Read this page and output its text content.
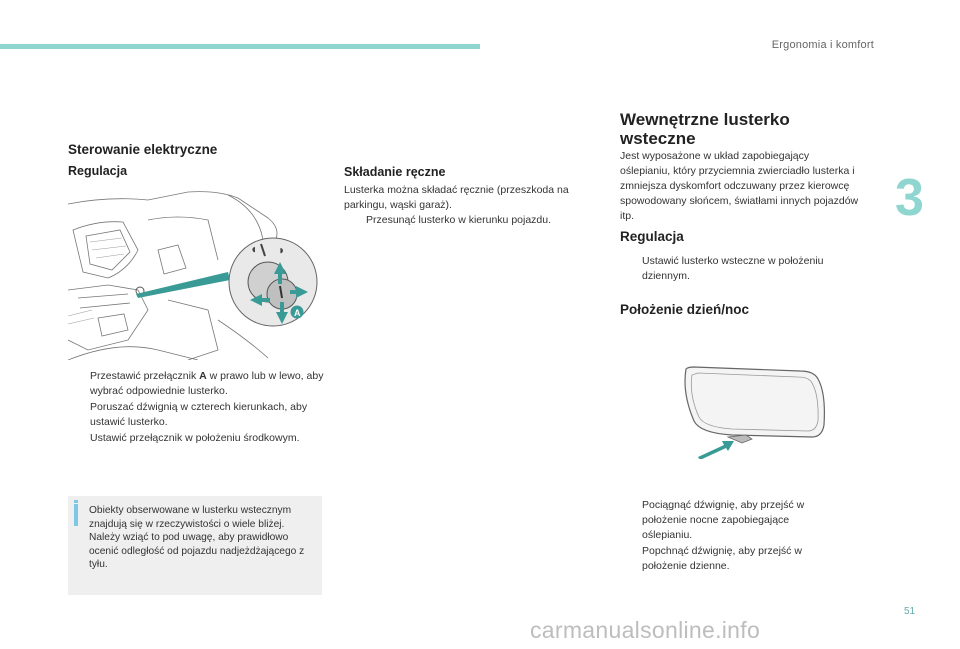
Ergonomia i komfort
3
Sterowanie elektryczne
Regulacja
◖ ◗
A
Przestawić przełącznik A w prawo lub w lewo, aby wybrać odpowiednie lusterko.
Poruszać dźwignią w czterech kierunkach, aby ustawić lusterko.
Ustawić przełącznik w położeniu środkowym.

Obiekty obserwowane w lusterku wstecznym znajdują się w rzeczywistości o wiele bliżej.

Należy wziąć to pod uwagę, aby prawidłowo ocenić odległość od pojazdu nadjeżdżającego z tyłu.

Składanie ręczne

Lusterka można składać ręcznie (przeszkoda na parkingu, wąski garaż).

Przesunąć lusterko w kierunku pojazdu.
Wewnętrzne lusterko wsteczne

Jest wyposażone w układ zapobiegający oślepianiu, który przyciemnia zwierciadło lusterka i zmniejsza dyskomfort odczuwany przez kierowcę spowodowany słońcem, światłami innych pojazdów itp.

Regulacja
Ustawić lusterko wsteczne w położeniu dziennym.
Położenie dzień/noc
Pociągnąć dźwignię, aby przejść w położenie nocne zapobiegające oślepianiu.
Popchnąć dźwignię, aby przejść w położenie dzienne.
51
carmanualsonline.info
